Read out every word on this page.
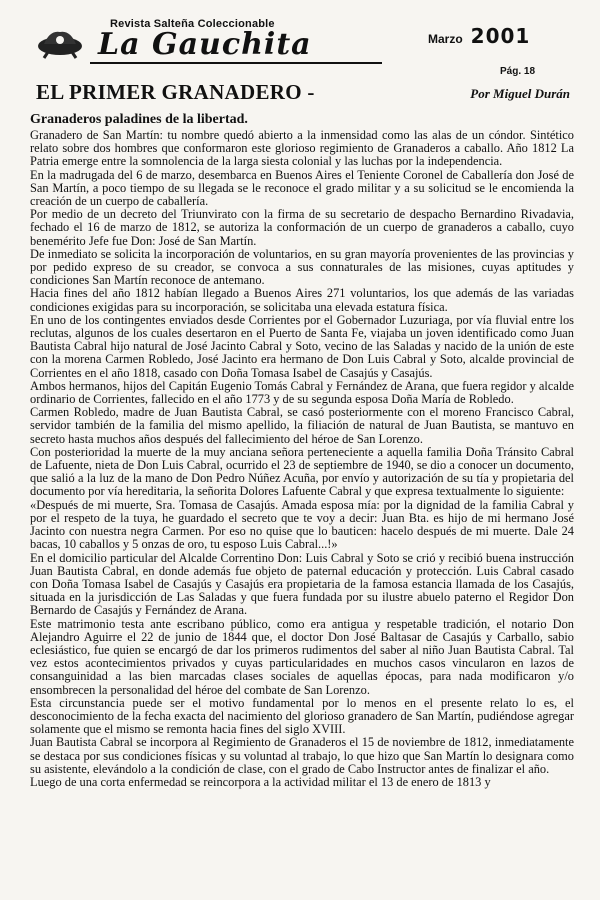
Revista Salteña Coleccionable
La Gauchita	Marzo 2001
Pág. 18
EL PRIMER GRANADERO -	Por Miguel Durán
Granaderos paladines de la libertad.

Granadero de San Martín: tu nombre quedó abierto a la inmensidad como las alas de un cóndor. Sintético relato sobre dos hombres que conformaron este glorioso regimiento de Granaderos a caballo. Año 1812 La Patria emerge entre la somnolencia de la larga siesta colonial y las luchas por la independencia.

En la madrugada del 6 de marzo, desembarca en Buenos Aires el Teniente Coronel de Caballería don José de San Martín, a poco tiempo de su llegada se le reconoce el grado militar y a su solicitud se le encomienda la creación de un cuerpo de caballería.

Por medio de un decreto del Triunvirato con la firma de su secretario de despacho Bernardino Rivadavia, fechado el 16 de marzo de 1812, se autoriza la conformación de un cuerpo de granaderos a caballo, cuyo benemérito Jefe fue Don: José de San Martín.

De inmediato se solicita la incorporación de voluntarios, en su gran mayoría provenientes de las provincias y por pedido expreso de su creador, se convoca a sus connaturales de las misiones, cuyas aptitudes y condiciones San Martín reconoce de antemano.

Hacia fines del año 1812 habían llegado a Buenos Aires 271 voluntarios, los que además de las variadas condiciones exigidas para su incorporación, se solicitaba una elevada estatura física.

En uno de los contingentes enviados desde Corrientes por el Gobernador Luzuriaga, por vía fluvial entre los reclutas, algunos de los cuales desertaron en el Puerto de Santa Fe, viajaba un joven identificado como Juan Bautista Cabral hijo natural de José Jacinto Cabral y Soto, vecino de las Saladas y nacido de la unión de este con la morena Carmen Robledo, José Jacinto era hermano de Don Luis Cabral y Soto, alcalde provincial de Corrientes en el año 1818, casado con Doña Tomasa Isabel de Casajús y Casajús.

Ambos hermanos, hijos del Capitán Eugenio Tomás Cabral y Fernández de Arana, que fuera regidor y alcalde ordinario de Corrientes, fallecido en el año 1773 y de su segunda esposa Doña María de Robledo.

Carmen Robledo, madre de Juan Bautista Cabral, se casó posteriormente con el moreno Francisco Cabral, servidor también de la familia del mismo apellido, la filiación de natural de Juan Bautista, se mantuvo en secreto hasta muchos años después del fallecimiento del héroe de San Lorenzo.

Con posterioridad la muerte de la muy anciana señora perteneciente a aquella familia Doña Tránsito Cabral de Lafuente, nieta de Don Luis Cabral, ocurrido el 23 de septiembre de 1940, se dio a conocer un documento, que salió a la luz de la mano de Don Pedro Núñez Acuña, por envío y autorización de su tía y propietaria del documento por vía hereditaria, la señorita Dolores Lafuente Cabral y que expresa textualmente lo siguiente:

«Después de mi muerte, Sra. Tomasa de Casajús. Amada esposa mía: por la dignidad de la familia Cabral y por el respeto de la tuya, he guardado el secreto que te voy a decir: Juan Bta. es hijo de mi hermano José Jacinto con nuestra negra Carmen. Por eso no quise que lo bauticen: hacelo después de mi muerte. Dale 24 bacas, 10 caballos y 5 onzas de oro, tu esposo Luis Cabral...!»

En el domicilio particular del Alcalde Correntino Don: Luis Cabral y Soto se crió y recibió buena instrucción Juan Bautista Cabral, en donde además fue objeto de paternal educación y protección. Luis Cabral casado con Doña Tomasa Isabel de Casajús y Casajús era propietaria de la famosa estancia llamada de los Casajús, situada en la jurisdicción de Las Saladas y que fuera fundada por su ilustre abuelo paterno el Regidor Don Bernardo de Casajús y Fernández de Arana.

Este matrimonio testa ante escribano público, como era antigua y respetable tradición, el notario Don Alejandro Aguirre el 22 de junio de 1844 que, el doctor Don José Baltasar de Casajús y Carballo, sabio eclesiástico, fue quien se encargó de dar los primeros rudimentos del saber al niño Juan Bautista Cabral. Tal vez estos acontecimientos privados y cuyas particularidades en muchos casos vincularon en lazos de consanguinidad a las bien marcadas clases sociales de aquellas épocas, para nada modificaron y/o ensombrecen la personalidad del héroe del combate de San Lorenzo.

Esta circunstancia puede ser el motivo fundamental por lo menos en el presente relato lo es, el desconocimiento de la fecha exacta del nacimiento del glorioso granadero de San Martín, pudiéndose agregar solamente que el mismo se remonta hacia fines del siglo XVIII.

Juan Bautista Cabral se incorpora al Regimiento de Granaderos el 15 de noviembre de 1812, inmediatamente se destaca por sus condiciones físicas y su voluntad al trabajo, lo que hizo que San Martín lo designara como su asistente, elevándolo a la condición de clase, con el grado de Cabo Instructor antes de finalizar el año.

Luego de una corta enfermedad se reincorpora a la actividad militar el 13 de enero de 1813 y
